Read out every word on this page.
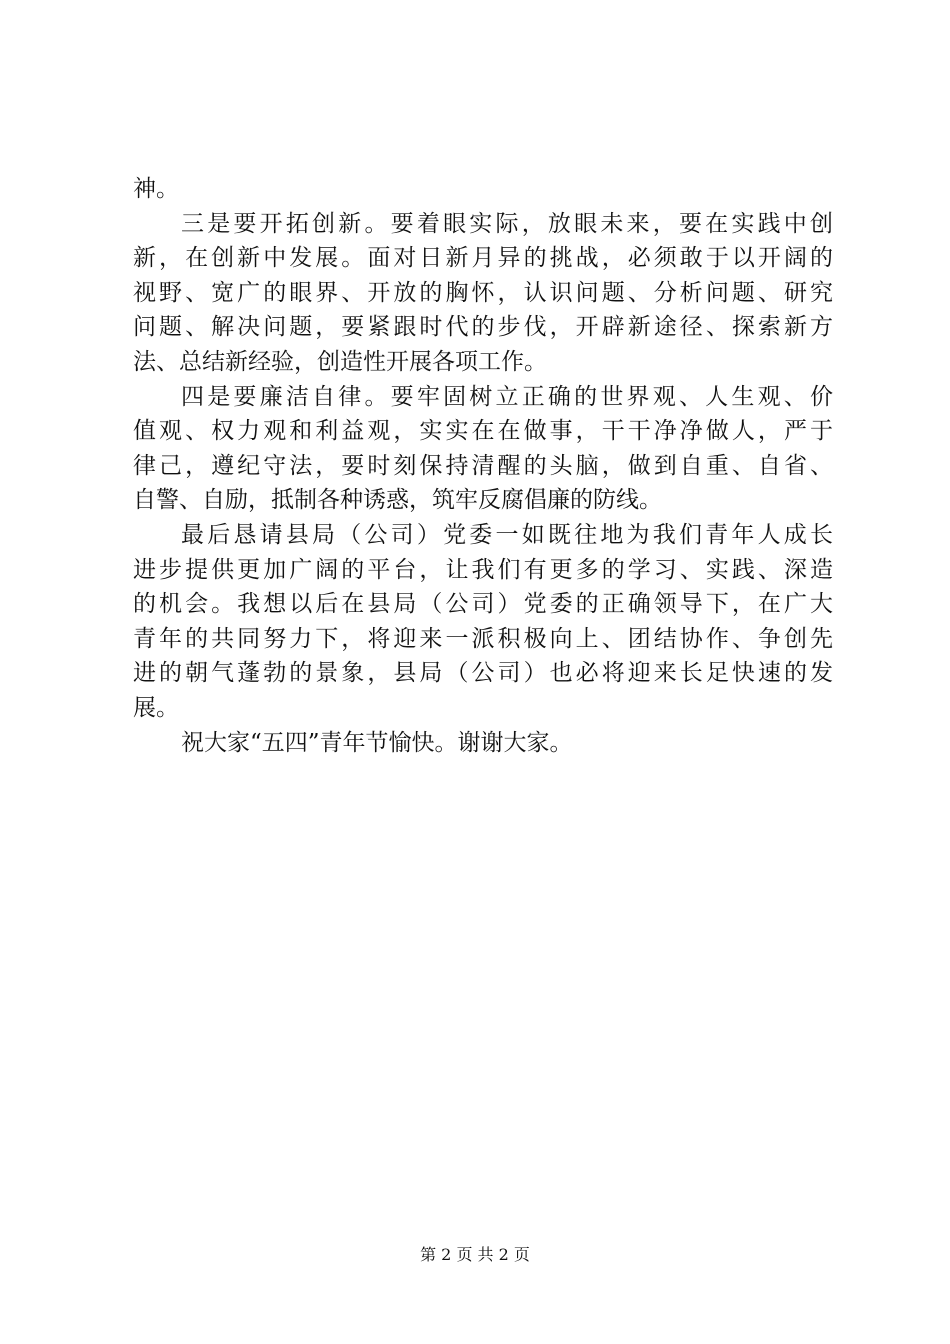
神。
三是要开拓创新。要着眼实际，放眼未来，要在实践中创
新，在创新中发展。面对日新月异的挑战，必须敢于以开阔的
视野、宽广的眼界、开放的胸怀，认识问题、分析问题、研究
问题、解决问题，要紧跟时代的步伐，开辟新途径、探索新方
法、总结新经验，创造性开展各项工作。
四是要廉洁自律。要牢固树立正确的世界观、人生观、价
值观、权力观和利益观，实实在在做事，干干净净做人，严于
律己，遵纪守法，要时刻保持清醒的头脑，做到自重、自省、
自警、自励，抵制各种诱惑，筑牢反腐倡廉的防线。
最后恳请县局（公司）党委一如既往地为我们青年人成长
进步提供更加广阔的平台，让我们有更多的学习、实践、深造
的机会。我想以后在县局（公司）党委的正确领导下，在广大
青年的共同努力下，将迎来一派积极向上、团结协作、争创先
进的朝气蓬勃的景象，县局（公司）也必将迎来长足快速的发
展。
祝大家“五四”青年节愉快。谢谢大家。
第 2 页 共 2 页
